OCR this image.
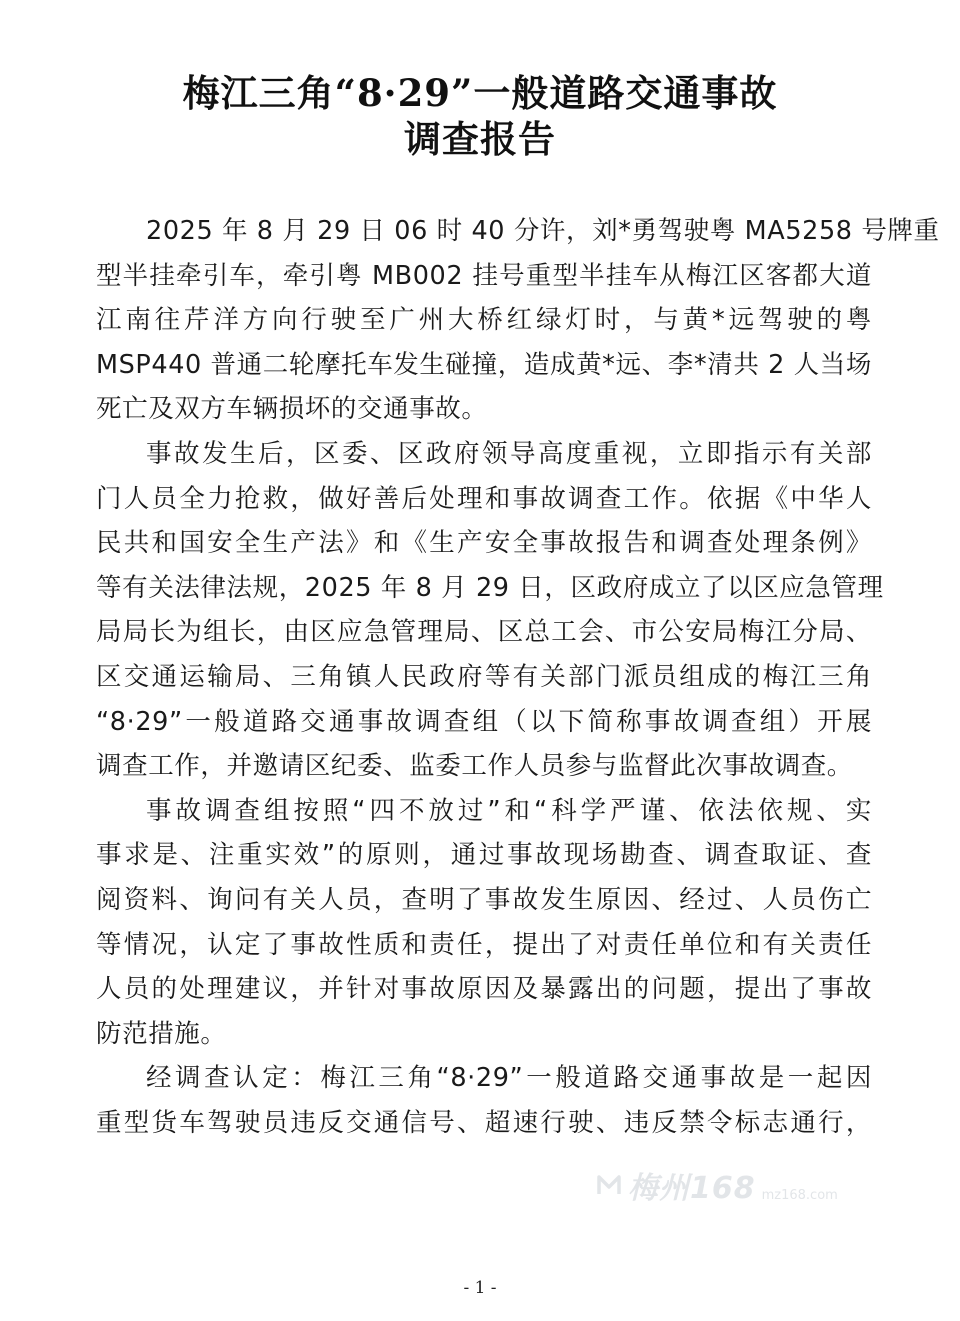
梅江三角“8·29”一般道路交通事故
调查报告

2025 年 8 月 29 日 06 时 40 分许，刘*勇驾驶粤 MA5258 号牌重
型半挂牵引车，牵引粤 MB002 挂号重型半挂车从梅江区客都大道
江南往芹洋方向行驶至广州大桥红绿灯时，与黄*远驾驶的粤
MSP440 普通二轮摩托车发生碰撞，造成黄*远、李*清共 2 人当场
死亡及双方车辆损坏的交通事故。

事故发生后，区委、区政府领导高度重视，立即指示有关部
门人员全力抢救，做好善后处理和事故调查工作。依据《中华人
民共和国安全生产法》和《生产安全事故报告和调查处理条例》
等有关法律法规，2025 年 8 月 29 日，区政府成立了以区应急管理
局局长为组长，由区应急管理局、区总工会、市公安局梅江分局、
区交通运输局、三角镇人民政府等有关部门派员组成的梅江三角
“8·29”一般道路交通事故调查组（以下简称事故调查组）开展
调查工作，并邀请区纪委、监委工作人员参与监督此次事故调查。

事故调查组按照“四不放过”和“科学严谨、依法依规、实
事求是、注重实效”的原则，通过事故现场勘查、调查取证、查
阅资料、询问有关人员，查明了事故发生原因、经过、人员伤亡
等情况，认定了事故性质和责任，提出了对责任单位和有关责任
人员的处理建议，并针对事故原因及暴露出的问题，提出了事故
防范措施。

经调查认定：梅江三角“8·29”一般道路交通事故是一起因
重型货车驾驶员违反交通信号、超速行驶、违反禁令标志通行，

梅州168 mz168.com
- 1 -
